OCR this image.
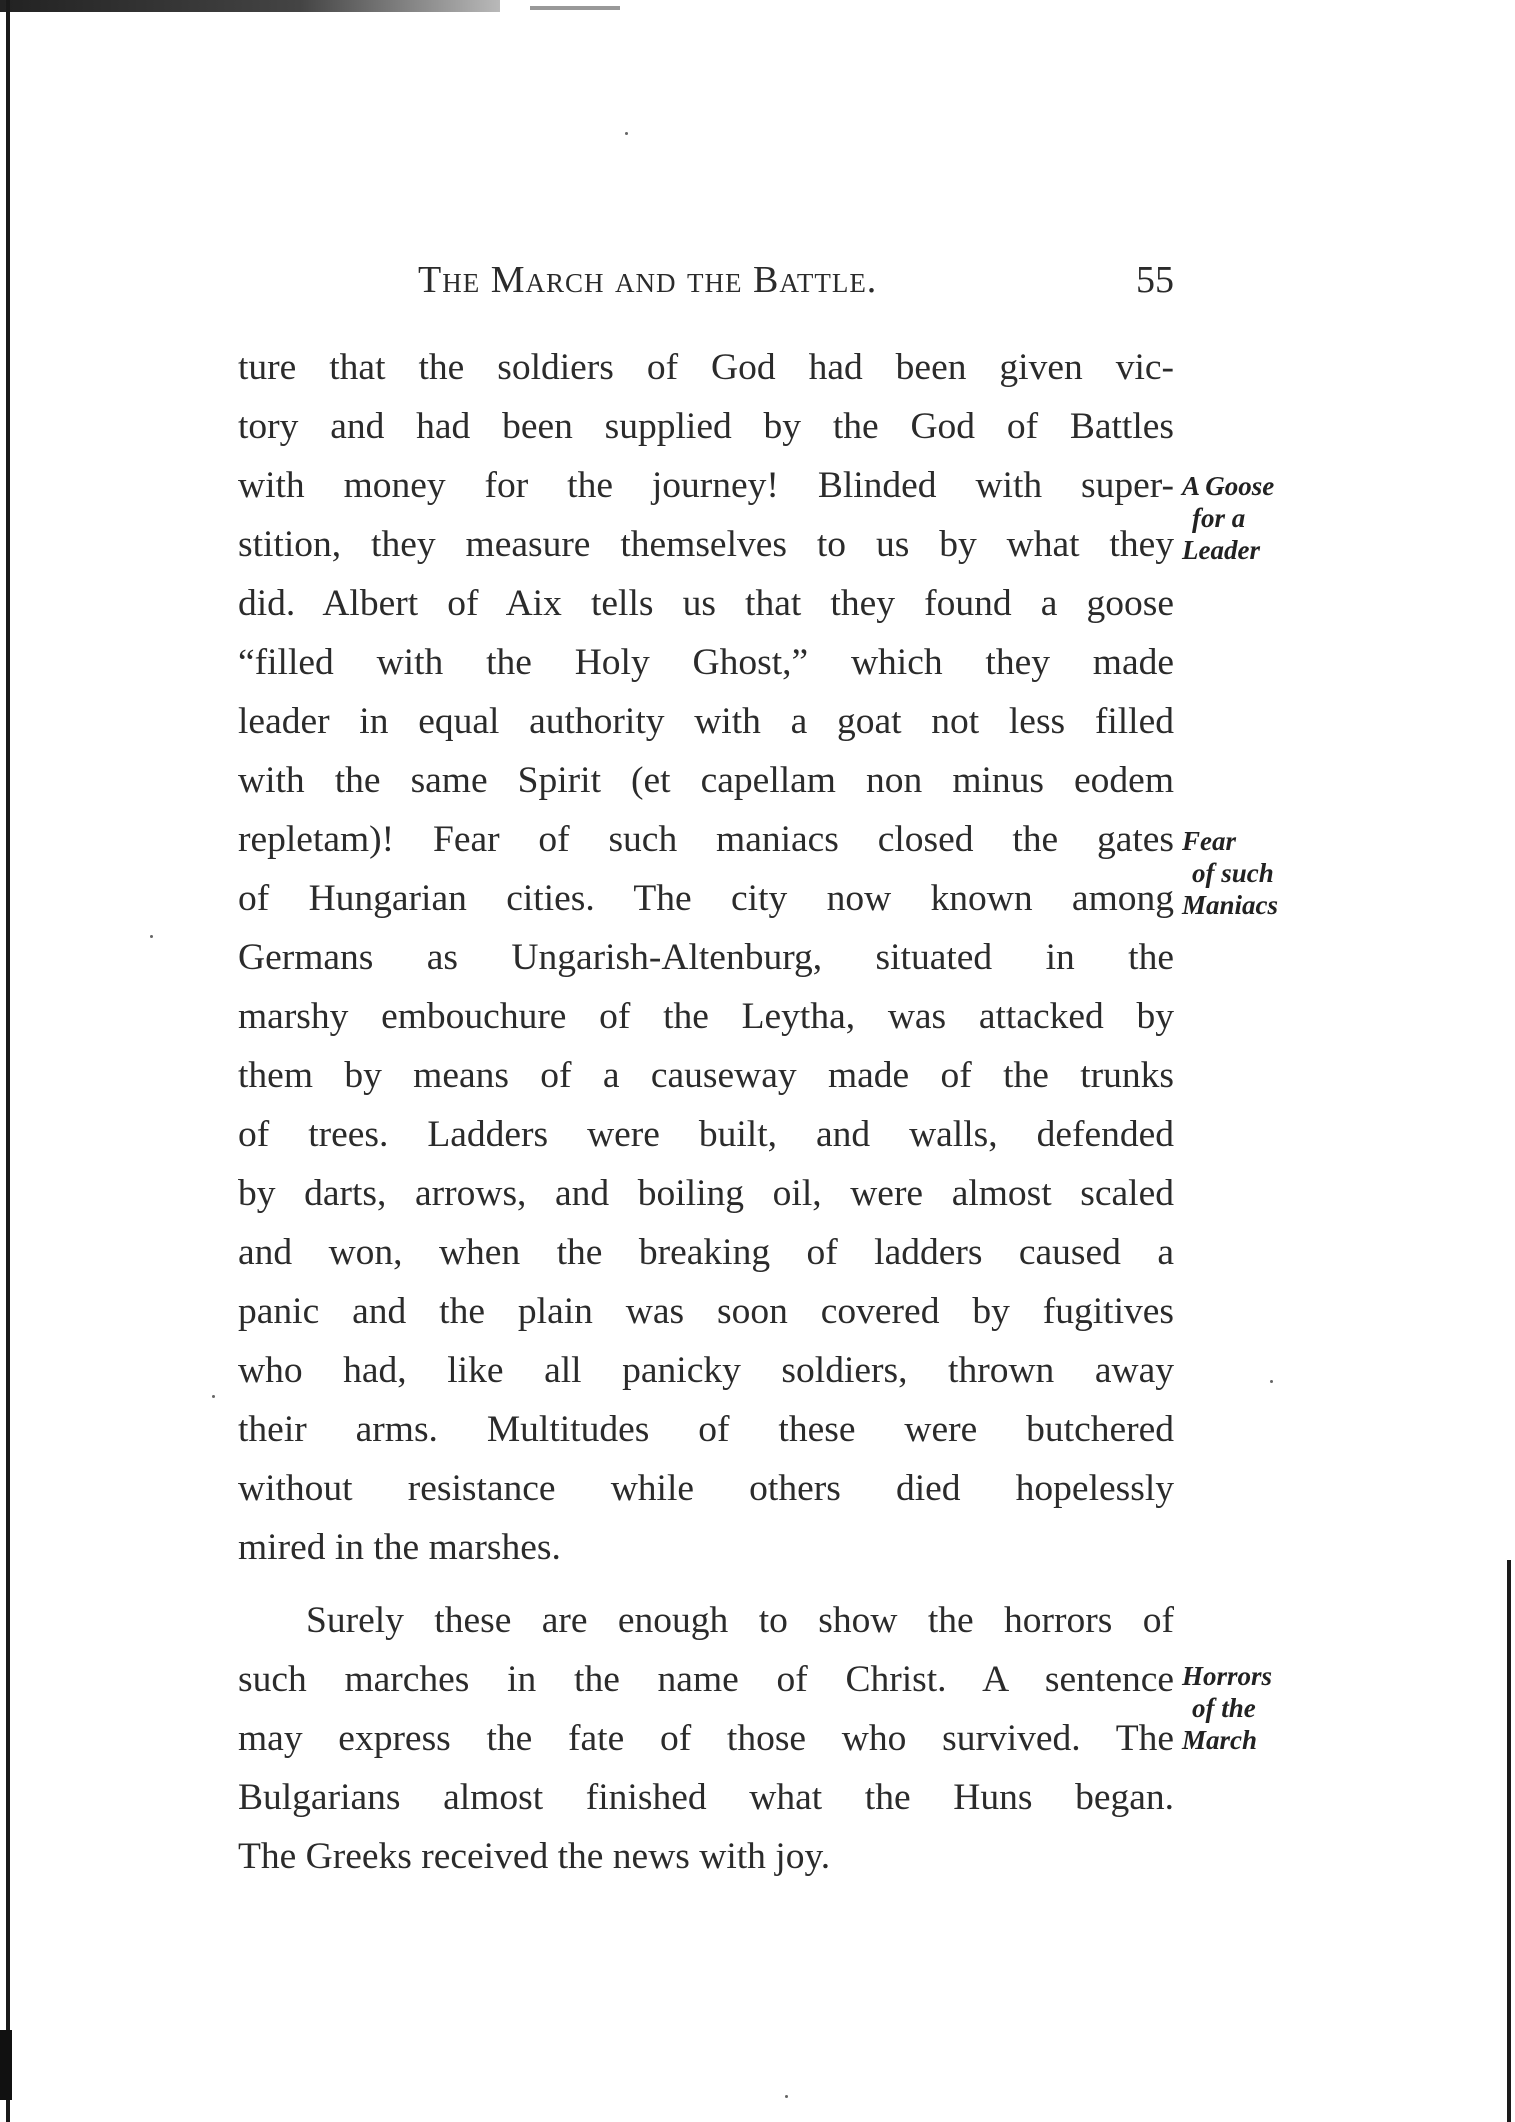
The March and the Battle.	55
ture that the soldiers of God had been given vic-
tory and had been supplied by the God of Battles
with money for the journey! Blinded with super-
stition, they measure themselves to us by what they
did. Albert of Aix tells us that they found a goose
“filled with the Holy Ghost,” which they made
leader in equal authority with a goat not less filled
with the same Spirit (et capellam non minus eodem
repletam)! Fear of such maniacs closed the gates
of Hungarian cities. The city now known among
Germans as Ungarish-Altenburg, situated in the
marshy embouchure of the Leytha, was attacked by
them by means of a causeway made of the trunks
of trees. Ladders were built, and walls, defended
by darts, arrows, and boiling oil, were almost scaled
and won, when the breaking of ladders caused a
panic and the plain was soon covered by fugitives
who had, like all panicky soldiers, thrown away
their arms. Multitudes of these were butchered
without resistance while others died hopelessly
mired in the marshes.
Surely these are enough to show the horrors of
such marches in the name of Christ. A sentence
may express the fate of those who survived. The
Bulgarians almost finished what the Huns began.
The Greeks received the news with joy.
A Goose
for a
Leader
Fear
of such
Maniacs
Horrors
of the
March
